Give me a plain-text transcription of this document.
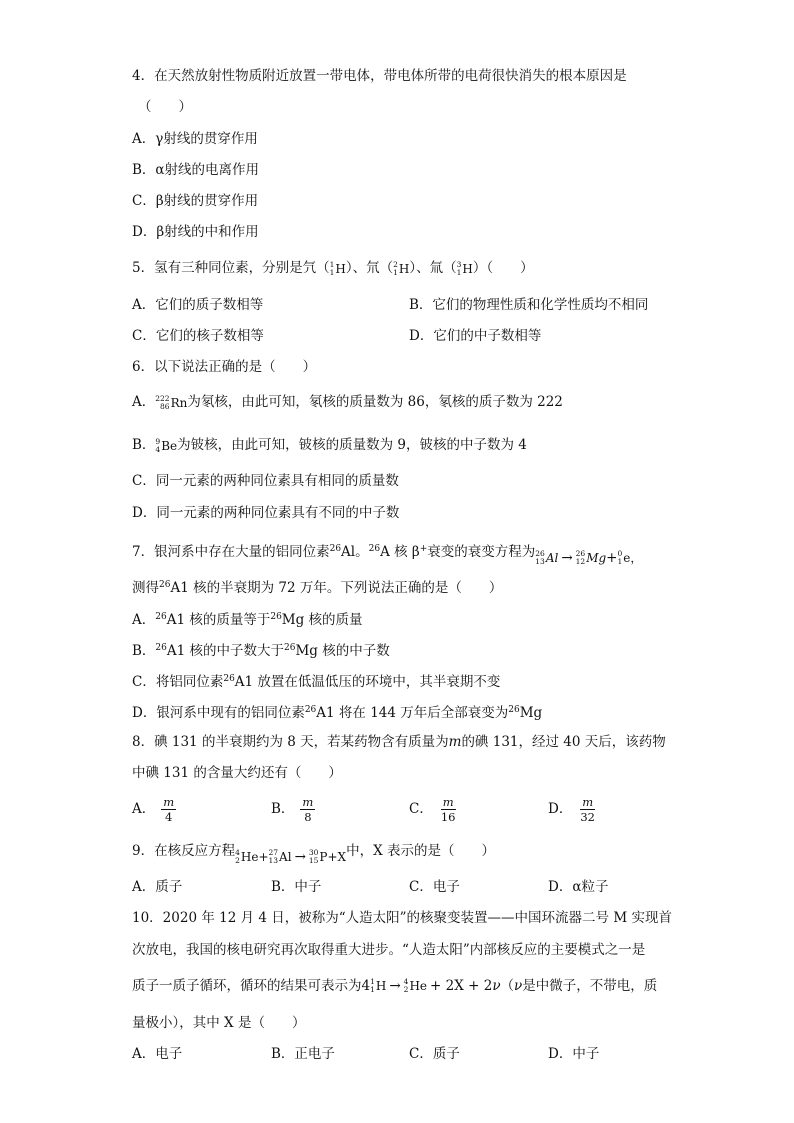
4．在天然放射性物质附近放置一带电体，带电体所带的电荷很快消失的根本原因是
（　　）
A．γ射线的贯穿作用
B．α射线的电离作用
C．β射线的贯穿作用
D．β射线的中和作用
5．氢有三种同位素，分别是氕（ 1
1 H ）、氘（ 2
1 H ）、氚（ 3
1 H ）（　　）
A．它们的质子数相等	B．它们的物理性质和化学性质均不相同
C．它们的核子数相等	D．它们的中子数相等
6．以下说法正确的是（　　）
A． 222
86 Rn 为氡核，由此可知，氡核的质量数为 86，氡核的质子数为 222
B． 9
4 Be 为铍核，由此可知，铍核的质量数为 9，铍核的中子数为 4
C．同一元素的两种同位素具有相同的质量数
D．同一元素的两种同位素具有不同的中子数
7．银河系中存在大量的铝同位素$^{26}$Al。$^{26}$A 核 β+衰变的衰变方程为 26
13 Al → 26
12 Mg + 0
1 e，
测得$^{26}$A1 核的半衰期为 72 万年。下列说法正确的是（　　）
A．$^{26}$A1 核的质量等于$^{26}$Mg 核的质量
B．$^{26}$A1 核的中子数大于$^{26}$Mg 核的中子数
C．将铝同位素$^{26}$A1 放置在低温低压的环境中，其半衰期不变
D．银河系中现有的铝同位素$^{26}$A1 将在 144 万年后全部衰变为$^{26}$Mg
8．碘 131 的半衰期约为 8 天，若某药物含有质量为m的碘 131，经过 40 天后，该药物
中碘 131 的含量大约还有（　　）
A． $\frac{m}{4}$	B． $\frac{m}{8}$	C． $\frac{m}{16}$	D． $\frac{m}{32}$
9．在核反应方程 4
2 He+ 27
13 Al → 30
15 P+X 中，X 表示的是（　　）
A．质子	B．中子	C．电子	D．α粒子
10．2020 年 12 月 4 日，被称为“人造太阳”的核聚变装置——中国环流器二号 M 实现首
次放电，我国的核电研究再次取得重大进步。“人造太阳”内部核反应的主要模式之一是
质子一质子循环，循环的结果可表示为 4 1
1 H → 4
2 He + 2X + 2 ν （ν是中微子，不带电，质
量极小），其中 X 是（　　）
A．电子	B．正电子	C．质子	D．中子
